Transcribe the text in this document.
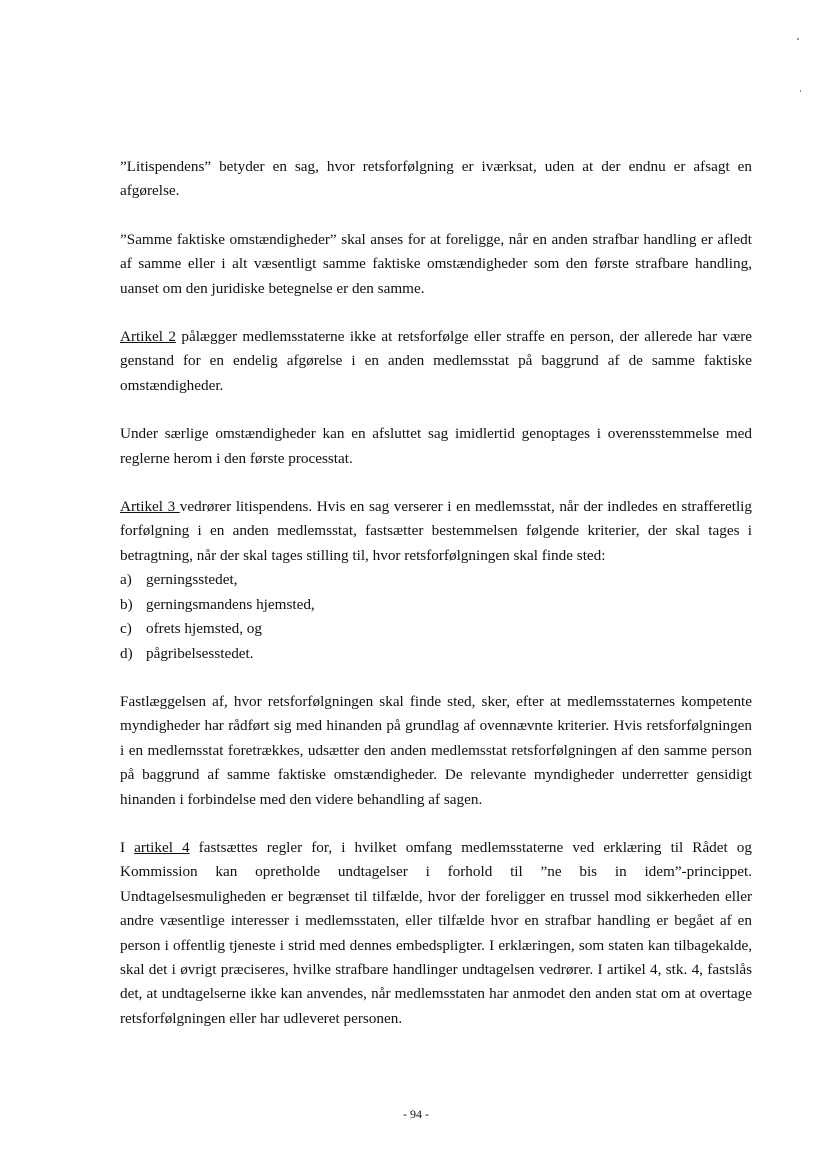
”Litispendens” betyder en sag, hvor retsforfølgning er iværksat, uden at der endnu er afsagt en afgørelse.

”Samme faktiske omstændigheder” skal anses for at foreligge, når en anden strafbar handling er afledt af samme eller i alt væsentligt samme faktiske omstændigheder som den første strafbare handling, uanset om den juridiske betegnelse er den samme.

Artikel 2 pålægger medlemsstaterne ikke at retsforfølge eller straffe en person, der allerede har være genstand for en endelig afgørelse i en anden medlemsstat på baggrund af de samme faktiske omstændigheder.

Under særlige omstændigheder kan en afsluttet sag imidlertid genoptages i overensstemmelse med reglerne herom i den første processtat.

Artikel 3 vedrører litispendens. Hvis en sag verserer i en medlemsstat, når der indledes en strafferetlig forfølgning i en anden medlemsstat, fastsætter bestemmelsen følgende kriterier, der skal tages i betragtning, når der skal tages stilling til, hvor retsforfølgningen skal finde sted:

a) gerningsstedet,
b) gerningsmandens hjemsted,
c) ofrets hjemsted, og
d) pågribelsesstedet.

Fastlæggelsen af, hvor retsforfølgningen skal finde sted, sker, efter at medlemsstaternes kompetente myndigheder har rådført sig med hinanden på grundlag af ovennævnte kriterier. Hvis retsforfølgningen i en medlemsstat foretrækkes, udsætter den anden medlemsstat retsforfølgningen af den samme person på baggrund af samme faktiske omstændigheder. De relevante myndigheder underretter gensidigt hinanden i forbindelse med den videre behandling af sagen.

I artikel 4 fastsættes regler for, i hvilket omfang medlemsstaterne ved erklæring til Rådet og Kommission kan opretholde undtagelser i forhold til ”ne bis in idem”-princippet. Undtagelsesmuligheden er begrænset til tilfælde, hvor der foreligger en trussel mod sikkerheden eller andre væsentlige interesser i medlemsstaten, eller tilfælde hvor en strafbar handling er begået af en person i offentlig tjeneste i strid med dennes embedspligter. I erklæringen, som staten kan tilbagekalde, skal det i øvrigt præciseres, hvilke strafbare handlinger undtagelsen vedrører. I artikel 4, stk. 4, fastslås det, at undtagelserne ikke kan anvendes, når medlemsstaten har anmodet den anden stat om at overtage retsforfølgningen eller har udleveret personen.

- 94 -
